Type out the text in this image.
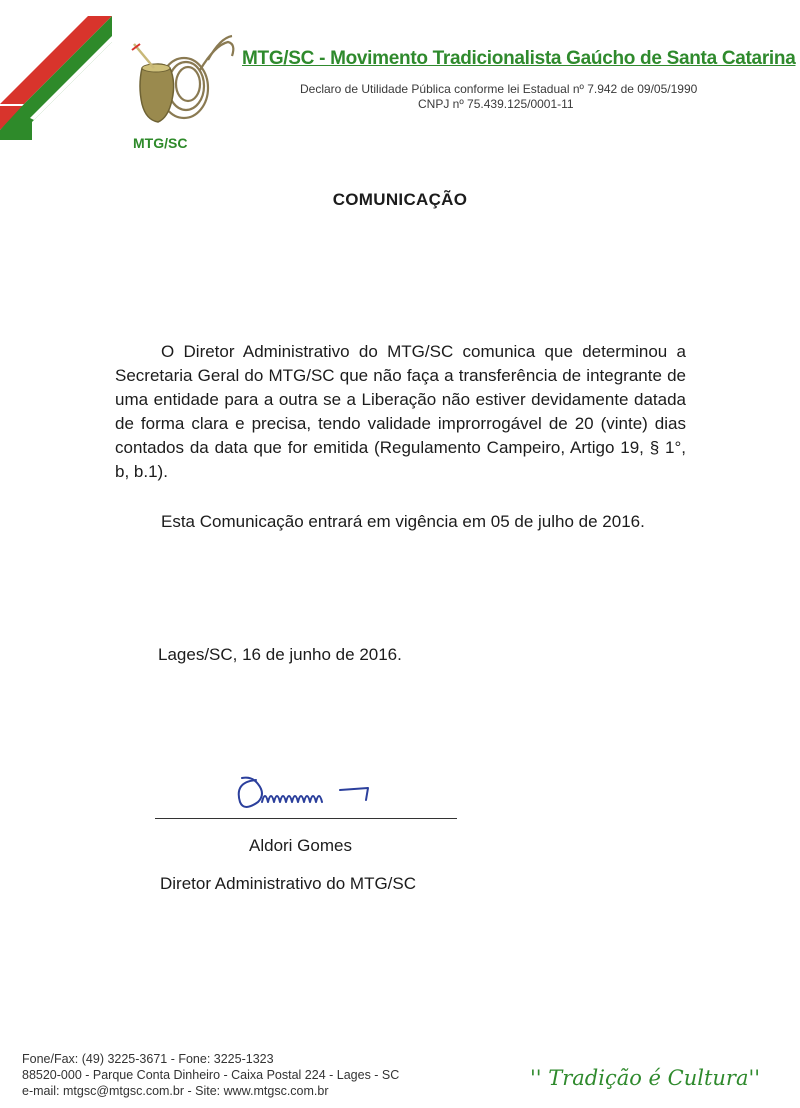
MTG/SC
MTG/SC - Movimento Tradicionalista Gaúcho de Santa Catarina
Declaro de Utilidade Pública conforme lei Estadual nº 7.942 de 09/05/1990
CNPJ nº 75.439.125/0001-11
COMUNICAÇÃO

O Diretor Administrativo do MTG/SC comunica que determinou a Secretaria Geral do MTG/SC que não faça a transferência de integrante de uma entidade para a outra se a Liberação não estiver devidamente datada de forma clara e precisa, tendo validade improrrogável de 20 (vinte) dias contados da data que for emitida (Regulamento Campeiro, Artigo 19, § 1°, b, b.1).

Esta Comunicação entrará em vigência em 05 de julho de 2016.

Lages/SC, 16 de junho de 2016.
Aldori Gomes
Diretor Administrativo do MTG/SC
Fone/Fax: (49) 3225-3671 - Fone: 3225-1323
88520-000 - Parque Conta Dinheiro - Caixa Postal 224 - Lages - SC
e-mail: mtgsc@mtgsc.com.br - Site: www.mtgsc.com.br
'' Tradição é Cultura''
